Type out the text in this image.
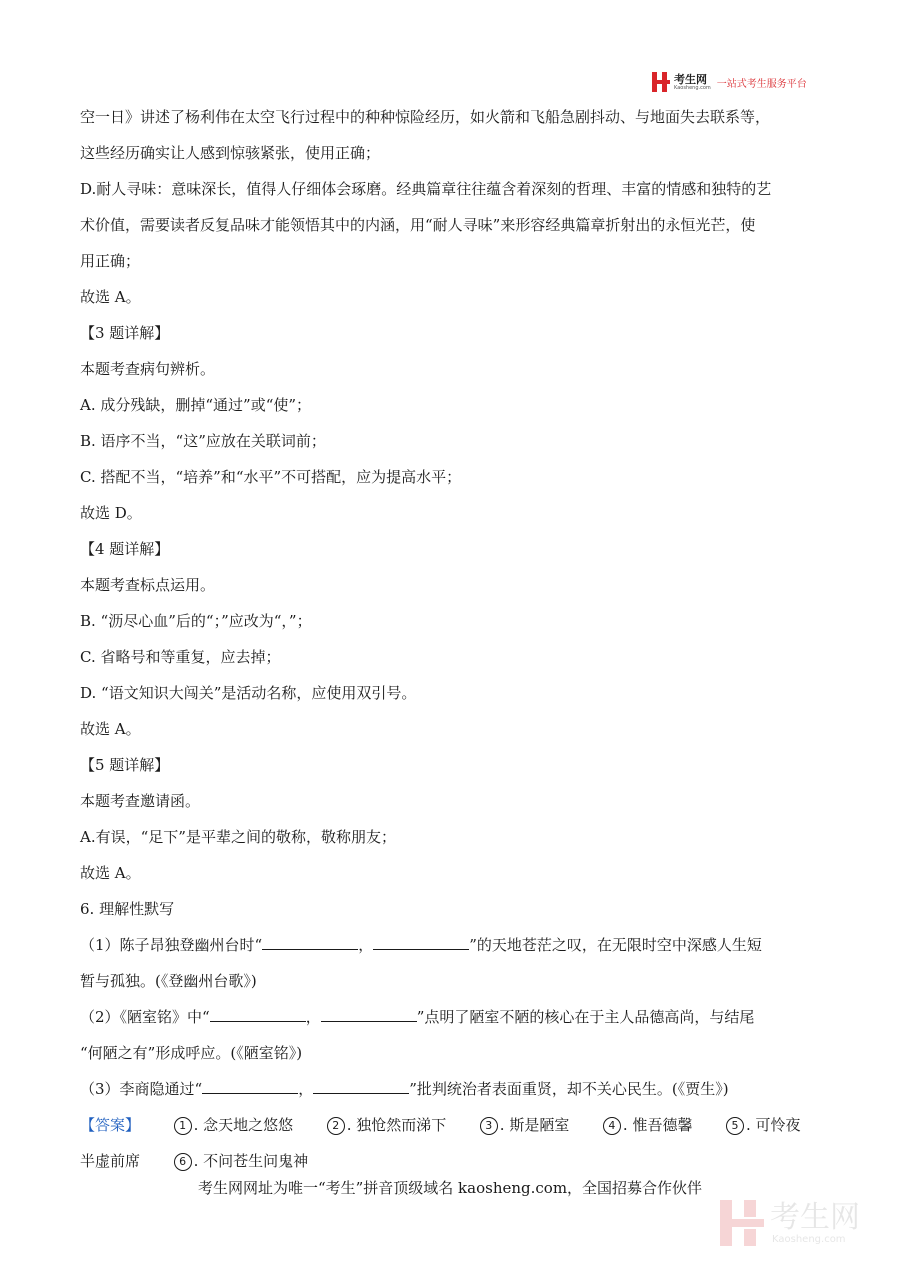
考生网
Kaosheng.com 一站式考生服务平台
空一日》讲述了杨利伟在太空飞行过程中的种种惊险经历，如火箭和飞船急剧抖动、与地面失去联系等，
这些经历确实让人感到惊骇紧张，使用正确；
D.耐人寻味：意味深长，值得人仔细体会琢磨。经典篇章往往蕴含着深刻的哲理、丰富的情感和独特的艺
术价值，需要读者反复品味才能领悟其中的内涵，用“耐人寻味”来形容经典篇章折射出的永恒光芒，使
用正确；
故选 A。
【3 题详解】
本题考查病句辨析。
A. 成分残缺，删掉“通过”或“使”；
B. 语序不当，“这”应放在关联词前；
C. 搭配不当，“培养”和“水平”不可搭配，应为提高水平；
故选 D。
【4 题详解】
本题考查标点运用。
B. “沥尽心血”后的“；”应改为“，”；
C. 省略号和等重复，应去掉；
D. “语文知识大闯关”是活动名称，应使用双引号。
故选 A。
【5 题详解】
本题考查邀请函。
A.有误，“足下”是平辈之间的敬称，敬称朋友；
故选 A。
6. 理解性默写
（1）陈子昂独登幽州台时“	，	”的天地苍茫之叹，在无限时空中深感人生短
暂与孤独。(《登幽州台歌》)
（2）《陋室铭》中“	，	”点明了陋室不陋的核心在于主人品德高尚，与结尾
“何陋之有”形成呼应。(《陋室铭》)
（3）李商隐通过“	，	”批判统治者表面重贤，却不关心民生。(《贾生》)
【答案】	1 . 念天地之悠悠	2 . 独怆然而涕下	3 . 斯是陋室	4 . 惟吾德馨	5 . 可怜夜
半虚前席	6 . 不问苍生问鬼神
考生网网址为唯一“考生”拼音顶级域名 kaosheng.com，全国招募合作伙伴
考生网
Kaosheng.com
